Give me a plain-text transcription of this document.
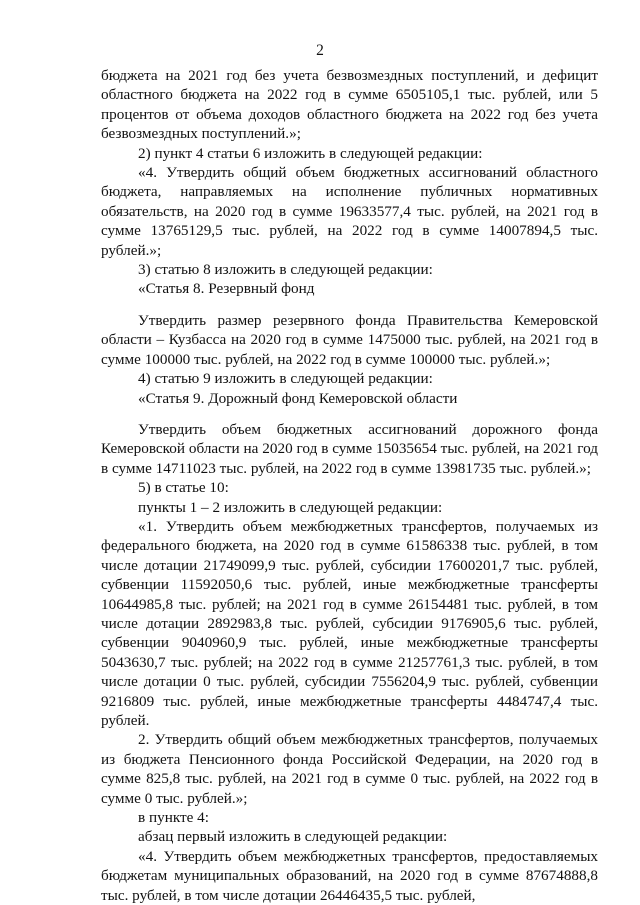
2

бюджета на 2021 год без учета безвозмездных поступлений, и дефицит областного бюджета на 2022 год в сумме 6505105,1 тыс. рублей, или 5 процентов от объема доходов областного бюджета на 2022 год без учета безвозмездных поступлений.»;

2) пункт 4 статьи 6 изложить в следующей редакции:

«4. Утвердить общий объем бюджетных ассигнований областного бюджета, направляемых на исполнение публичных нормативных обязательств, на 2020 год в сумме 19633577,4 тыс. рублей, на 2021 год в сумме 13765129,5 тыс. рублей, на 2022 год в сумме 14007894,5 тыс. рублей.»;

3) статью 8 изложить в следующей редакции:

«Статья 8. Резервный фонд

Утвердить размер резервного фонда Правительства Кемеровской области – Кузбасса на 2020 год в сумме 1475000 тыс. рублей, на 2021 год в сумме 100000 тыс. рублей, на 2022 год в сумме 100000 тыс. рублей.»;

4) статью 9 изложить в следующей редакции:

«Статья 9. Дорожный фонд Кемеровской области

Утвердить объем бюджетных ассигнований дорожного фонда Кемеровской области на 2020 год в сумме 15035654 тыс. рублей, на 2021 год в сумме 14711023 тыс. рублей, на 2022 год в сумме 13981735 тыс. рублей.»;

5) в статье 10:

пункты 1 – 2 изложить в следующей редакции:

«1. Утвердить объем межбюджетных трансфертов, получаемых из федерального бюджета, на 2020 год в сумме 61586338 тыс. рублей, в том числе дотации 21749099,9 тыс. рублей, субсидии 17600201,7 тыс. рублей, субвенции 11592050,6 тыс. рублей, иные межбюджетные трансферты 10644985,8 тыс. рублей; на 2021 год в сумме 26154481 тыс. рублей, в том числе дотации 2892983,8 тыс. рублей, субсидии 9176905,6 тыс. рублей, субвенции 9040960,9 тыс. рублей, иные межбюджетные трансферты 5043630,7 тыс. рублей; на 2022 год в сумме 21257761,3 тыс. рублей, в том числе дотации 0 тыс. рублей, субсидии 7556204,9 тыс. рублей, субвенции 9216809 тыс. рублей, иные межбюджетные трансферты 4484747,4 тыс. рублей.

2. Утвердить общий объем межбюджетных трансфертов, получаемых из бюджета Пенсионного фонда Российской Федерации, на 2020 год в сумме 825,8 тыс. рублей, на 2021 год в сумме 0 тыс. рублей, на 2022 год в сумме 0 тыс. рублей.»;

в пункте 4:

абзац первый изложить в следующей редакции:

«4. Утвердить объем межбюджетных трансфертов, предоставляемых бюджетам муниципальных образований, на 2020 год в сумме 87674888,8 тыс. рублей, в том числе дотации 26446435,5 тыс. рублей,
